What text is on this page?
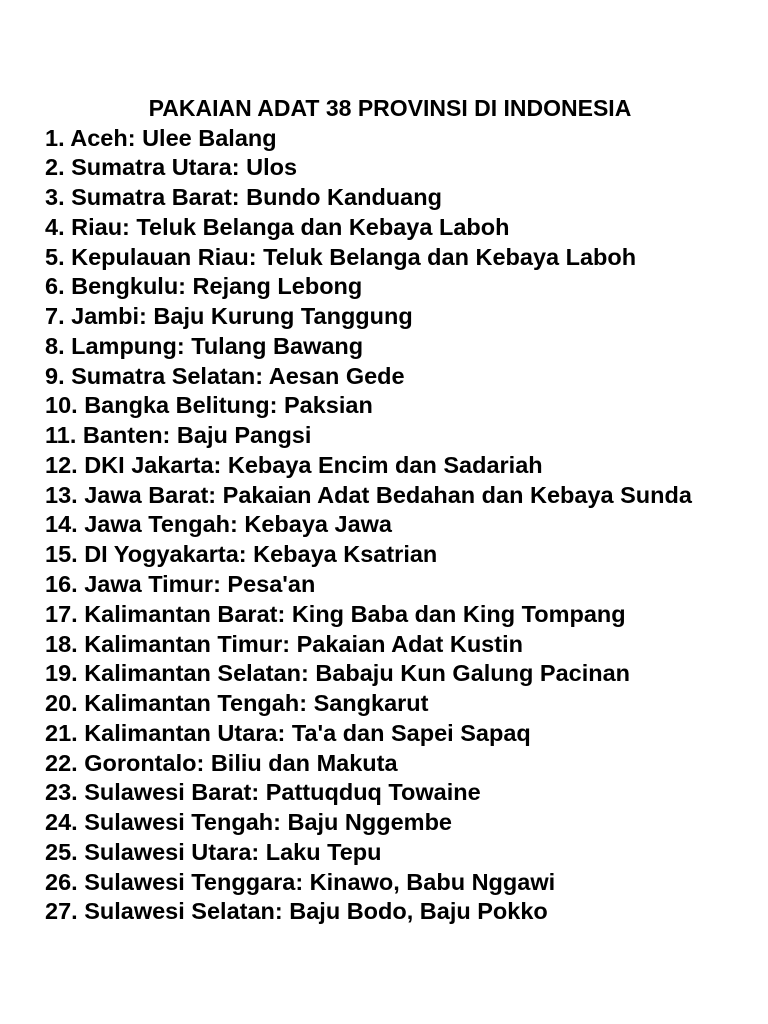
PAKAIAN ADAT 38 PROVINSI DI INDONESIA
1. Aceh: Ulee Balang
2. Sumatra Utara: Ulos
3. Sumatra Barat: Bundo Kanduang
4. Riau: Teluk Belanga dan Kebaya Laboh
5. Kepulauan Riau: Teluk Belanga dan Kebaya Laboh
6. Bengkulu: Rejang Lebong
7. Jambi: Baju Kurung Tanggung
8. Lampung: Tulang Bawang
9. Sumatra Selatan: Aesan Gede
10. Bangka Belitung: Paksian
11. Banten: Baju Pangsi
12. DKI Jakarta: Kebaya Encim dan Sadariah
13. Jawa Barat: Pakaian Adat Bedahan dan Kebaya Sunda
14. Jawa Tengah: Kebaya Jawa
15. DI Yogyakarta: Kebaya Ksatrian
16. Jawa Timur: Pesa'an
17. Kalimantan Barat: King Baba dan King Tompang
18. Kalimantan Timur: Pakaian Adat Kustin
19. Kalimantan Selatan: Babaju Kun Galung Pacinan
20. Kalimantan Tengah: Sangkarut
21. Kalimantan Utara: Ta'a dan Sapei Sapaq
22. Gorontalo: Biliu dan Makuta
23. Sulawesi Barat: Pattuqduq Towaine
24. Sulawesi Tengah: Baju Nggembe
25. Sulawesi Utara: Laku Tepu
26. Sulawesi Tenggara: Kinawo, Babu Nggawi
27. Sulawesi Selatan: Baju Bodo, Baju Pokko
